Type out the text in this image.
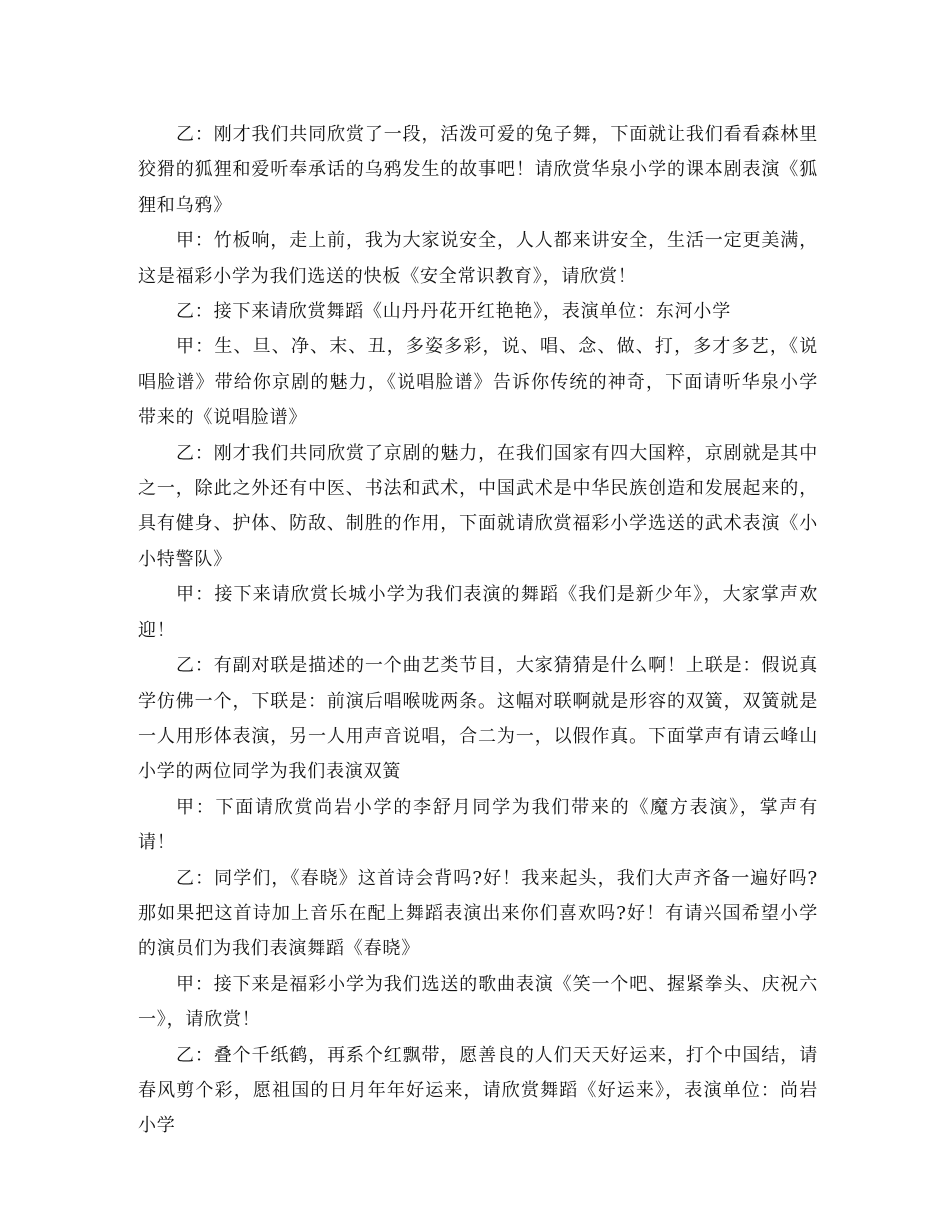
乙：刚才我们共同欣赏了一段，活泼可爱的兔子舞，下面就让我们看看森林里狡猾的狐狸和爱听奉承话的乌鸦发生的故事吧！请欣赏华泉小学的课本剧表演《狐狸和乌鸦》

甲：竹板响，走上前，我为大家说安全，人人都来讲安全，生活一定更美满，这是福彩小学为我们选送的快板《安全常识教育》，请欣赏！

乙：接下来请欣赏舞蹈《山丹丹花开红艳艳》，表演单位：东河小学

甲：生、旦、净、末、丑，多姿多彩，说、唱、念、做、打，多才多艺，《说唱脸谱》带给你京剧的魅力，《说唱脸谱》告诉你传统的神奇，下面请听华泉小学带来的《说唱脸谱》

乙：刚才我们共同欣赏了京剧的魅力，在我们国家有四大国粹，京剧就是其中之一，除此之外还有中医、书法和武术，中国武术是中华民族创造和发展起来的，具有健身、护体、防敌、制胜的作用，下面就请欣赏福彩小学选送的武术表演《小小特警队》

甲：接下来请欣赏长城小学为我们表演的舞蹈《我们是新少年》，大家掌声欢迎！

乙：有副对联是描述的一个曲艺类节目，大家猜猜是什么啊！上联是：假说真学仿佛一个，下联是：前演后唱喉咙两条。这幅对联啊就是形容的双簧，双簧就是一人用形体表演，另一人用声音说唱，合二为一，以假作真。下面掌声有请云峰山小学的两位同学为我们表演双簧

甲：下面请欣赏尚岩小学的李舒月同学为我们带来的《魔方表演》，掌声有请！

乙：同学们，《春晓》这首诗会背吗?好！我来起头，我们大声齐备一遍好吗?那如果把这首诗加上音乐在配上舞蹈表演出来你们喜欢吗?好！有请兴国希望小学的演员们为我们表演舞蹈《春晓》

甲：接下来是福彩小学为我们选送的歌曲表演《笑一个吧、握紧拳头、庆祝六一》，请欣赏！

乙：叠个千纸鹤，再系个红飘带，愿善良的人们天天好运来，打个中国结，请春风剪个彩，愿祖国的日月年年好运来，请欣赏舞蹈《好运来》，表演单位：尚岩小学
